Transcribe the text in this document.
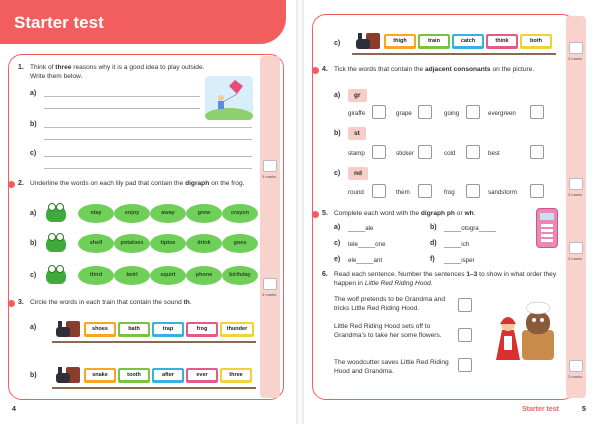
Starter test
3 marks
3 marks
1. Think of three reasons why it is a good idea to play outside. Write them below.
a)
b)
c)
2. Underline the words on each lily pad that contain the digraph on the frog.
a)	stay	enjoy	away	grew	crayon
b)	shell	potatoes	tiptoe	drink	goes
c)	third	twirl	squirt	phone	birthday
3. Circle the words in each train that contain the sound th.
a)	shoes	bath	trap	frog	thunder
b)	snake	tooth	after	ever	three
4
3 marks
3 marks
3 marks
3 marks
c)	thigh	train	catch	think	both
4. Tick the words that contain the adjacent consonants on the picture.
a)	gr
giraffe	grape	going	evergreen
b)	st
stamp	sticker	cold	best
c)	nd
round	them	frog	sandstorm
5. Complete each word with the digraph ph or wh.
a) _____ale	b) _____otogra_____
c) tele_____one	d) _____ich
e) ele_____ant	f) _____isper
6. Read each sentence. Number the sentences 1–3 to show in what order they happen in Little Red Riding Hood.
The wolf pretends to be Grandma and tricks Little Red Riding Hood.
Little Red Riding Hood sets off to Grandma’s to take her some flowers.
The woodcutter saves Little Red Riding Hood and Grandma.
Starter test	5
